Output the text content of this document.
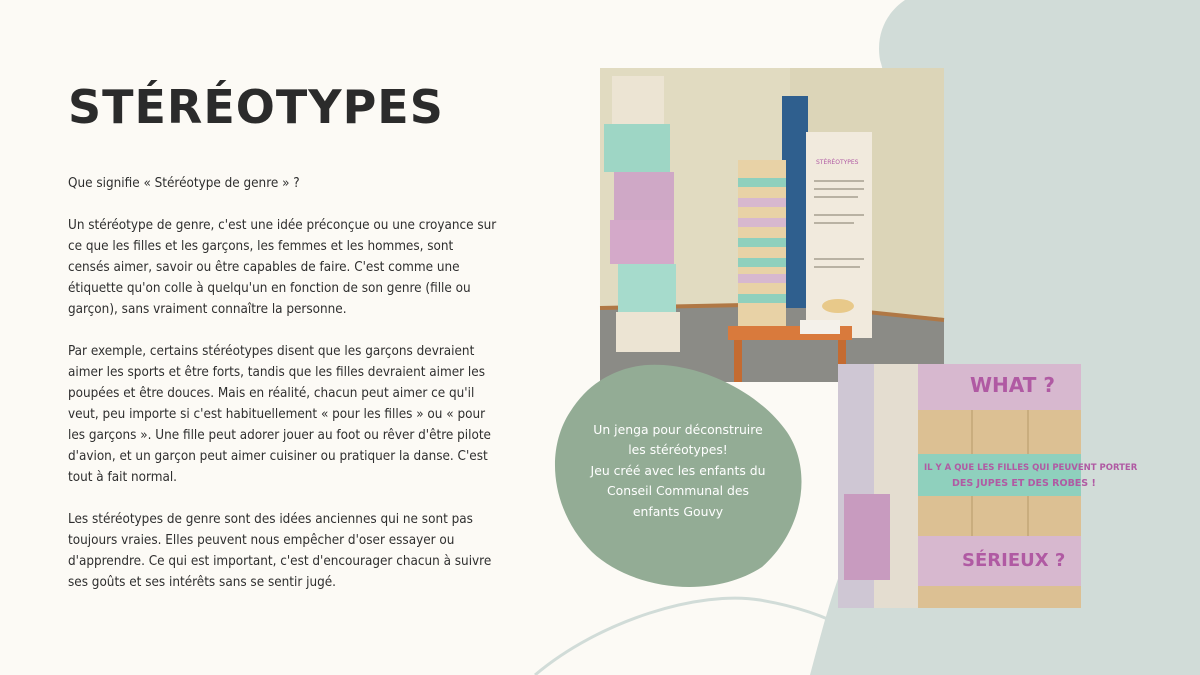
STÉRÉOTYPES

Que signifie « Stéréotype de genre » ?

Un stéréotype de genre, c'est une idée préconçue ou une croyance sur ce que les filles et les garçons, les femmes et les hommes, sont censés aimer, savoir ou être capables de faire. C'est comme une étiquette qu'on colle à quelqu'un en fonction de son genre (fille ou garçon), sans vraiment connaître la personne.

Par exemple, certains stéréotypes disent que les garçons devraient aimer les sports et être forts, tandis que les filles devraient aimer les poupées et être douces. Mais en réalité, chacun peut aimer ce qu'il veut, peu importe si c'est habituellement « pour les filles » ou « pour les garçons ». Une fille peut adorer jouer au foot ou rêver d'être pilote d'avion, et un garçon peut aimer cuisiner ou pratiquer la danse. C'est tout à fait normal.

Les stéréotypes de genre sont des idées anciennes qui ne sont pas toujours vraies. Elles peuvent nous empêcher d'oser essayer ou d'apprendre. Ce qui est important, c'est d'encourager chacun à suivre ses goûts et ses intérêts sans se sentir jugé.

STÉRÉOTYPES
Un jenga pour déconstruire
les stéréotypes!
Jeu créé avec les enfants du
Conseil Communal des
enfants Gouvy
WHAT ?
IL Y A QUE LES FILLES QUI PEUVENT PORTER
DES JUPES ET DES ROBES !
SÉRIEUX ?
